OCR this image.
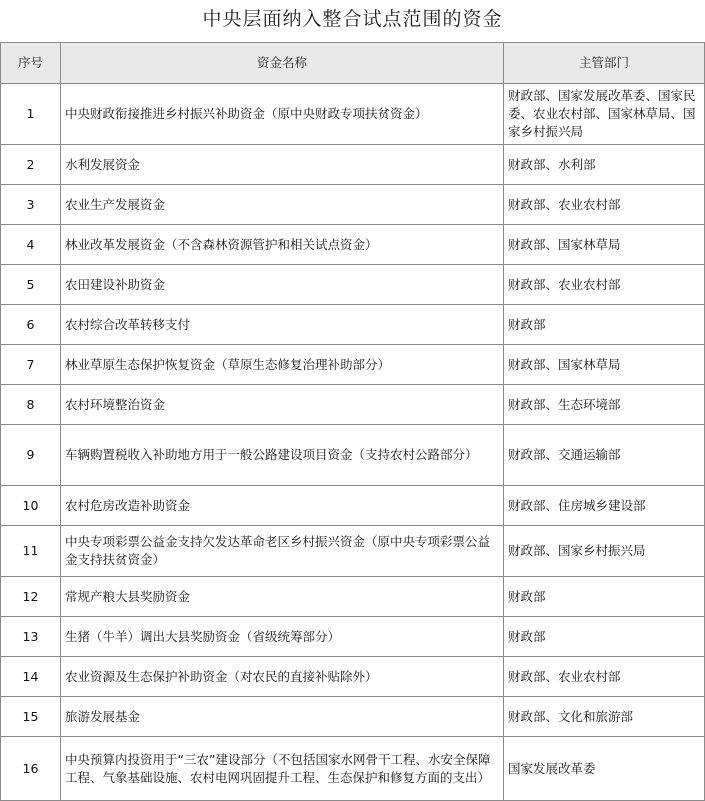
中央层面纳入整合试点范围的资金
序号	资金名称	主管部门
1	中央财政衔接推进乡村振兴补助资金（原中央财政专项扶贫资金）	财政部、国家发展改革委、国家民委、农业农村部、国家林草局、国家乡村振兴局
2	水利发展资金	财政部、水利部
3	农业生产发展资金	财政部、农业农村部
4	林业改革发展资金（不含森林资源管护和相关试点资金）	财政部、国家林草局
5	农田建设补助资金	财政部、农业农村部
6	农村综合改革转移支付	财政部
7	林业草原生态保护恢复资金（草原生态修复治理补助部分）	财政部、国家林草局
8	农村环境整治资金	财政部、生态环境部
9	车辆购置税收入补助地方用于一般公路建设项目资金（支持农村公路部分）	财政部、交通运输部
10	农村危房改造补助资金	财政部、住房城乡建设部
11	中央专项彩票公益金支持欠发达革命老区乡村振兴资金（原中央专项彩票公益金支持扶贫资金）	财政部、国家乡村振兴局
12	常规产粮大县奖励资金	财政部
13	生猪（牛羊）调出大县奖励资金（省级统筹部分）	财政部
14	农业资源及生态保护补助资金（对农民的直接补贴除外）	财政部、农业农村部
15	旅游发展基金	财政部、文化和旅游部
16	中央预算内投资用于“三农”建设部分（不包括国家水网骨干工程、水安全保障工程、气象基础设施、农村电网巩固提升工程、生态保护和修复方面的支出）	国家发展改革委
